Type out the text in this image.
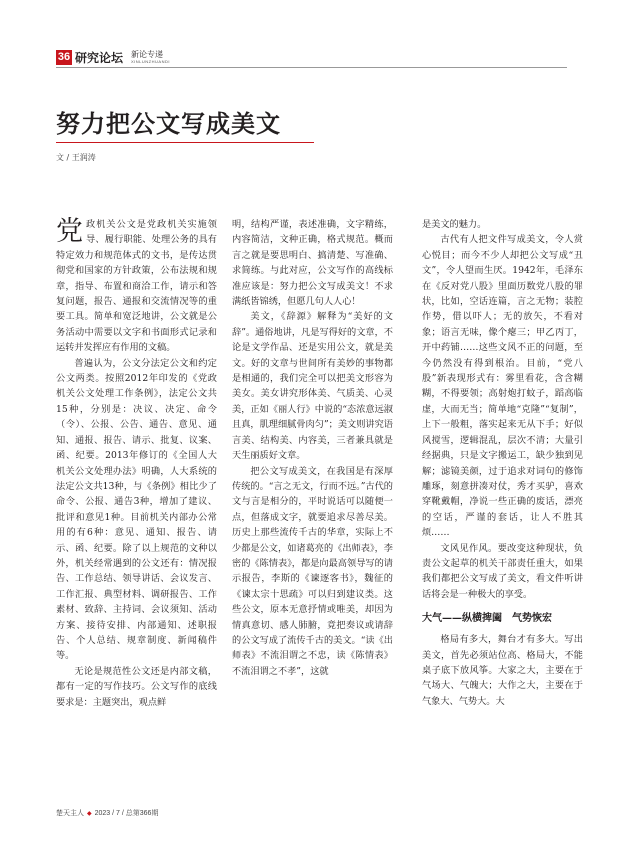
36 研究论坛 新论专递
XINLUNZHUANDI
努力把公文写成美文
文 / 王润涛

党政机关公文是党政机关实施领导、履行职能、处理公务的具有特定效力和规范体式的文书，是传达贯彻党和国家的方针政策，公布法规和规章，指导、布置和商洽工作，请示和答复问题，报告、通报和交流情况等的重要工具。简单和宽泛地讲，公文就是公务活动中需要以文字和书面形式记录和运转并发挥应有作用的文稿。

普遍认为，公文分法定公文和约定公文两类。按照2012年印发的《党政机关公文处理工作条例》，法定公文共15种，分别是：决议、决定、命令（令）、公报、公告、通告、意见、通知、通报、报告、请示、批复、议案、函、纪要。2013年修订的《全国人大机关公文处理办法》明确，人大系统的法定公文共13种，与《条例》相比少了命令、公报、通告3种，增加了建议、批评和意见1种。目前机关内部办公常用的有6种：意见、通知、报告、请示、函、纪要。除了以上规范的文种以外，机关经常遇到的公文还有：情况报告、工作总结、领导讲话、会议发言、工作汇报、典型材料、调研报告、工作素材、致辞、主持词、会议须知、活动方案、接待安排、内部通知、述职报告、个人总结、规章制度、新闻稿件等。

无论是规范性公文还是内部文稿，都有一定的写作技巧。公文写作的底线要求是：主题突出，观点鲜

明，结构严谨，表述准确，文字精练，内容简洁，文种正确，格式规范。概而言之就是要思明白、搞清楚、写准确、求简练。与此对应，公文写作的高线标准应该是：努力把公文写成美文！不求满纸皆锦绣，但愿几句人人心！

美文，《辞源》解释为“美好的文辞”。通俗地讲，凡是写得好的文章，不论是文学作品、还是实用公文，就是美文。好的文章与世间所有美妙的事物都是相通的，我们完全可以把美文形容为美女。美女讲究形体美、气质美、心灵美，正如《丽人行》中说的“态浓意远淑且真，肌理细腻骨肉匀”；美文则讲究语言美、结构美、内容美，三者兼具就是天生丽质好文章。

把公文写成美文，在我国是有深厚传统的。“言之无文，行而不远。”古代的文与言是相分的，平时说话可以随便一点，但落成文字，就要追求尽善尽美。历史上那些流传千古的华章，实际上不少都是公文，如诸葛亮的《出师表》，李密的《陈情表》，都是向最高领导写的请示报告，李斯的《谏逐客书》，魏征的《谏太宗十思疏》可以归到建议类。这些公文，原本无意抒情或唯美，却因为情真意切、感人肺腑，竟把奏议或请辞的公文写成了流传千古的美文。“读《出师表》不流泪谓之不忠，读《陈情表》不流泪谓之不孝”，这就

是美文的魅力。

古代有人把文件写成美文，令人赏心悦目；而今不少人却把公文写成“丑文”，令人望而生厌。1942年，毛泽东在《反对党八股》里面历数党八股的罪状，比如，空话连篇，言之无物；装腔作势，借以吓人；无的放矢，不看对象；语言无味，像个瘪三；甲乙丙丁，开中药铺……这些文风不正的问题，至今仍然没有得到根治。目前，“党八股”新表现形式有：雾里看花，含含糊糊，不得要领；高射炮打蚊子，蹈高临虚，大而无当；简单地“克隆”“复制”，上下一般粗，落实起来无从下手；好似风搅雪，逻辑混乱，层次不清；大量引经据典，只是文字搬运工，缺少独到见解；滤镜美颜，过于追求对词句的修饰雕琢，刻意拼凑对仗，秀才买驴，喜欢穿靴戴帽，净说一些正确的废话，漂亮的空话，严谨的套话，让人不胜其烦……

文风见作风。要改变这种现状，负责公文起草的机关干部责任重大，如果我们都把公文写成了美文，看文件听讲话将会是一种极大的享受。

大气——纵横捭阖　气势恢宏

格局有多大，舞台才有多大。写出美文，首先必须站位高、格局大，不能桌子底下放风筝。大家之大，主要在于气场大、气魄大；大作之大，主要在于气象大、气势大。大

楚天主人 ◆ 2023 / 7 / 总第366期
